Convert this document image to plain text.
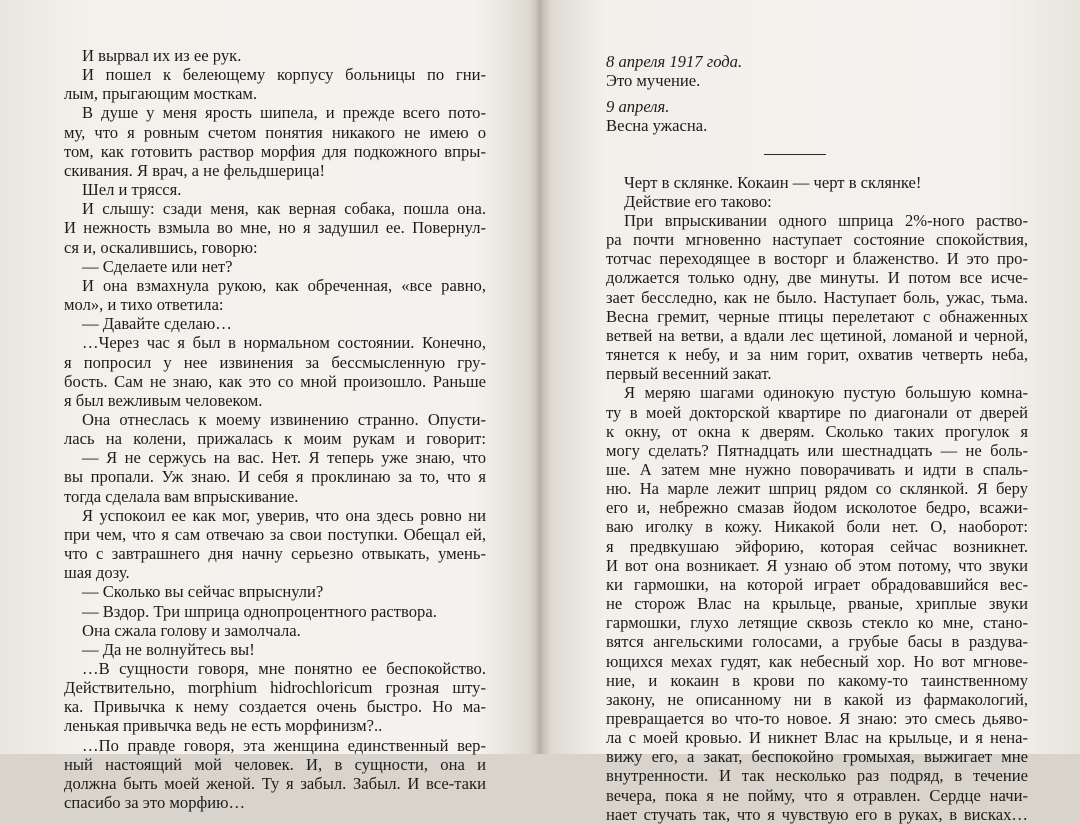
И вырвал их из ее рук.
И пошел к белеющему корпусу больницы по гни-
лым, прыгающим мосткам.
В душе у меня ярость шипела, и прежде всего пото-
му, что я ровным счетом понятия никакого не имею о
том, как готовить раствор морфия для подкожного впры-
скивания. Я врач, а не фельдшерица!
Шел и трясся.
И слышу: сзади меня, как верная собака, пошла она.
И нежность взмыла во мне, но я задушил ее. Повернул-
ся и, оскалившись, говорю:
— Сделаете или нет?
И она взмахнула рукою, как обреченная, «все равно,
мол», и тихо ответила:
— Давайте сделаю…
…Через час я был в нормальном состоянии. Конечно,
я попросил у нее извинения за бессмысленную гру-
бость. Сам не знаю, как это со мной произошло. Раньше
я был вежливым человеком.
Она отнеслась к моему извинению странно. Опусти-
лась на колени, прижалась к моим рукам и говорит:
— Я не сержусь на вас. Нет. Я теперь уже знаю, что
вы пропали. Уж знаю. И себя я проклинаю за то, что я
тогда сделала вам впрыскивание.
Я успокоил ее как мог, уверив, что она здесь ровно ни
при чем, что я сам отвечаю за свои поступки. Обещал ей,
что с завтрашнего дня начну серьезно отвыкать, умень-
шая дозу.
— Сколько вы сейчас впрыснули?
— Вздор. Три шприца однопроцентного раствора.
Она сжала голову и замолчала.
— Да не волнуйтесь вы!
…В сущности говоря, мне понятно ее беспокойство.
Действительно, morphium hidrochloricum грозная шту-
ка. Привычка к нему создается очень быстро. Но ма-
ленькая привычка ведь не есть морфинизм?..
…По правде говоря, эта женщина единственный вер-
ный настоящий мой человек. И, в сущности, она и
должна быть моей женой. Ту я забыл. Забыл. И все-таки
спасибо за это морфию…
8 апреля 1917 года.
Это мучение.
9 апреля.
Весна ужасна.
Черт в склянке. Кокаин — черт в склянке!
Действие его таково:
При впрыскивании одного шприца 2%-ного раство-
ра почти мгновенно наступает состояние спокойствия,
тотчас переходящее в восторг и блаженство. И это про-
должается только одну, две минуты. И потом все исче-
зает бесследно, как не было. Наступает боль, ужас, тьма.
Весна гремит, черные птицы перелетают с обнаженных
ветвей на ветви, а вдали лес щетиной, ломаной и черной,
тянется к небу, и за ним горит, охватив четверть неба,
первый весенний закат.
Я меряю шагами одинокую пустую большую комна-
ту в моей докторской квартире по диагонали от дверей
к окну, от окна к дверям. Сколько таких прогулок я
могу сделать? Пятнадцать или шестнадцать — не боль-
ше. А затем мне нужно поворачивать и идти в спаль-
ню. На марле лежит шприц рядом со склянкой. Я беру
его и, небрежно смазав йодом исколотое бедро, всажи-
ваю иголку в кожу. Никакой боли нет. О, наоборот:
я предвкушаю эйфорию, которая сейчас возникнет.
И вот она возникает. Я узнаю об этом потому, что звуки
ки гармошки, на которой играет обрадовавшийся вес-
не сторож Влас на крыльце, рваные, хриплые звуки
гармошки, глухо летящие сквозь стекло ко мне, стано-
вятся ангельскими голосами, а грубые басы в раздува-
ющихся мехах гудят, как небесный хор. Но вот мгнове-
ние, и кокаин в крови по какому-то таинственному
закону, не описанному ни в какой из фармакологий,
превращается во что-то новое. Я знаю: это смесь дьяво-
ла с моей кровью. И никнет Влас на крыльце, и я нена-
вижу его, а закат, беспокойно громыхая, выжигает мне
внутренности. И так несколько раз подряд, в течение
вечера, пока я не пойму, что я отравлен. Сердце начи-
нает стучать так, что я чувствую его в руках, в висках…
